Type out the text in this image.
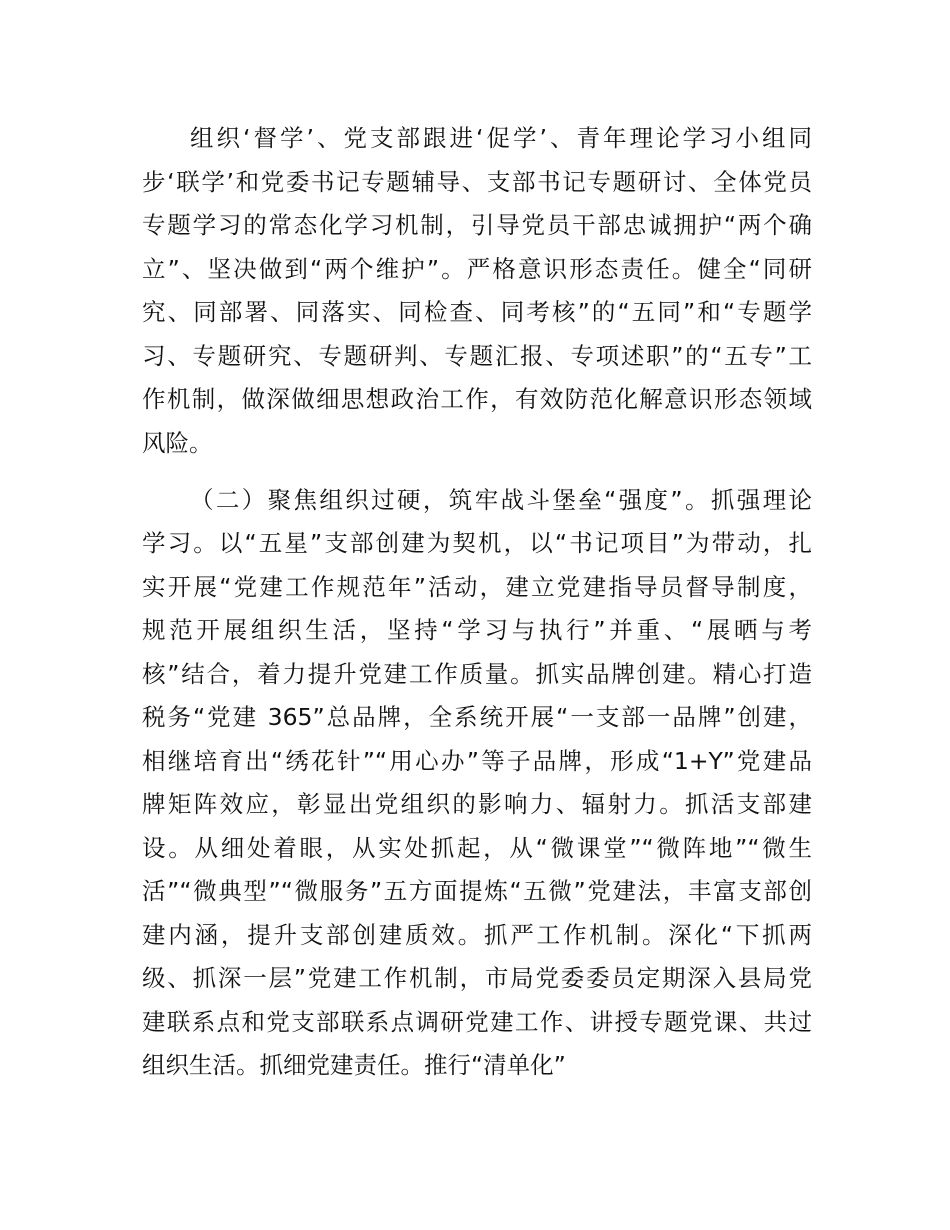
组织‘督学’、党支部跟进‘促学’、青年理论学习小组同
步‘联学’和党委书记专题辅导、支部书记专题研讨、全体党员
专题学习的常态化学习机制，引导党员干部忠诚拥护“两个确
立”、坚决做到“两个维护”。严格意识形态责任。健全“同研
究、同部署、同落实、同检查、同考核”的“五同”和“专题学
习、专题研究、专题研判、专题汇报、专项述职”的“五专”工
作机制，做深做细思想政治工作，有效防范化解意识形态领域
风险。
（二）聚焦组织过硬，筑牢战斗堡垒“强度”。抓强理论
学习。以“五星”支部创建为契机，以“书记项目”为带动，扎
实开展“党建工作规范年”活动，建立党建指导员督导制度，
规范开展组织生活，坚持“学习与执行”并重、“展晒与考
核”结合，着力提升党建工作质量。抓实品牌创建。精心打造
税务“党建 365”总品牌，全系统开展“一支部一品牌”创建，
相继培育出“绣花针”“用心办”等子品牌，形成“1+Y”党建品
牌矩阵效应，彰显出党组织的影响力、辐射力。抓活支部建
设。从细处着眼，从实处抓起，从“微课堂”“微阵地”“微生
活”“微典型”“微服务”五方面提炼“五微”党建法，丰富支部创
建内涵，提升支部创建质效。抓严工作机制。深化“下抓两
级、抓深一层”党建工作机制，市局党委委员定期深入县局党
建联系点和党支部联系点调研党建工作、讲授专题党课、共过
组织生活。抓细党建责任。推行“清单化”
